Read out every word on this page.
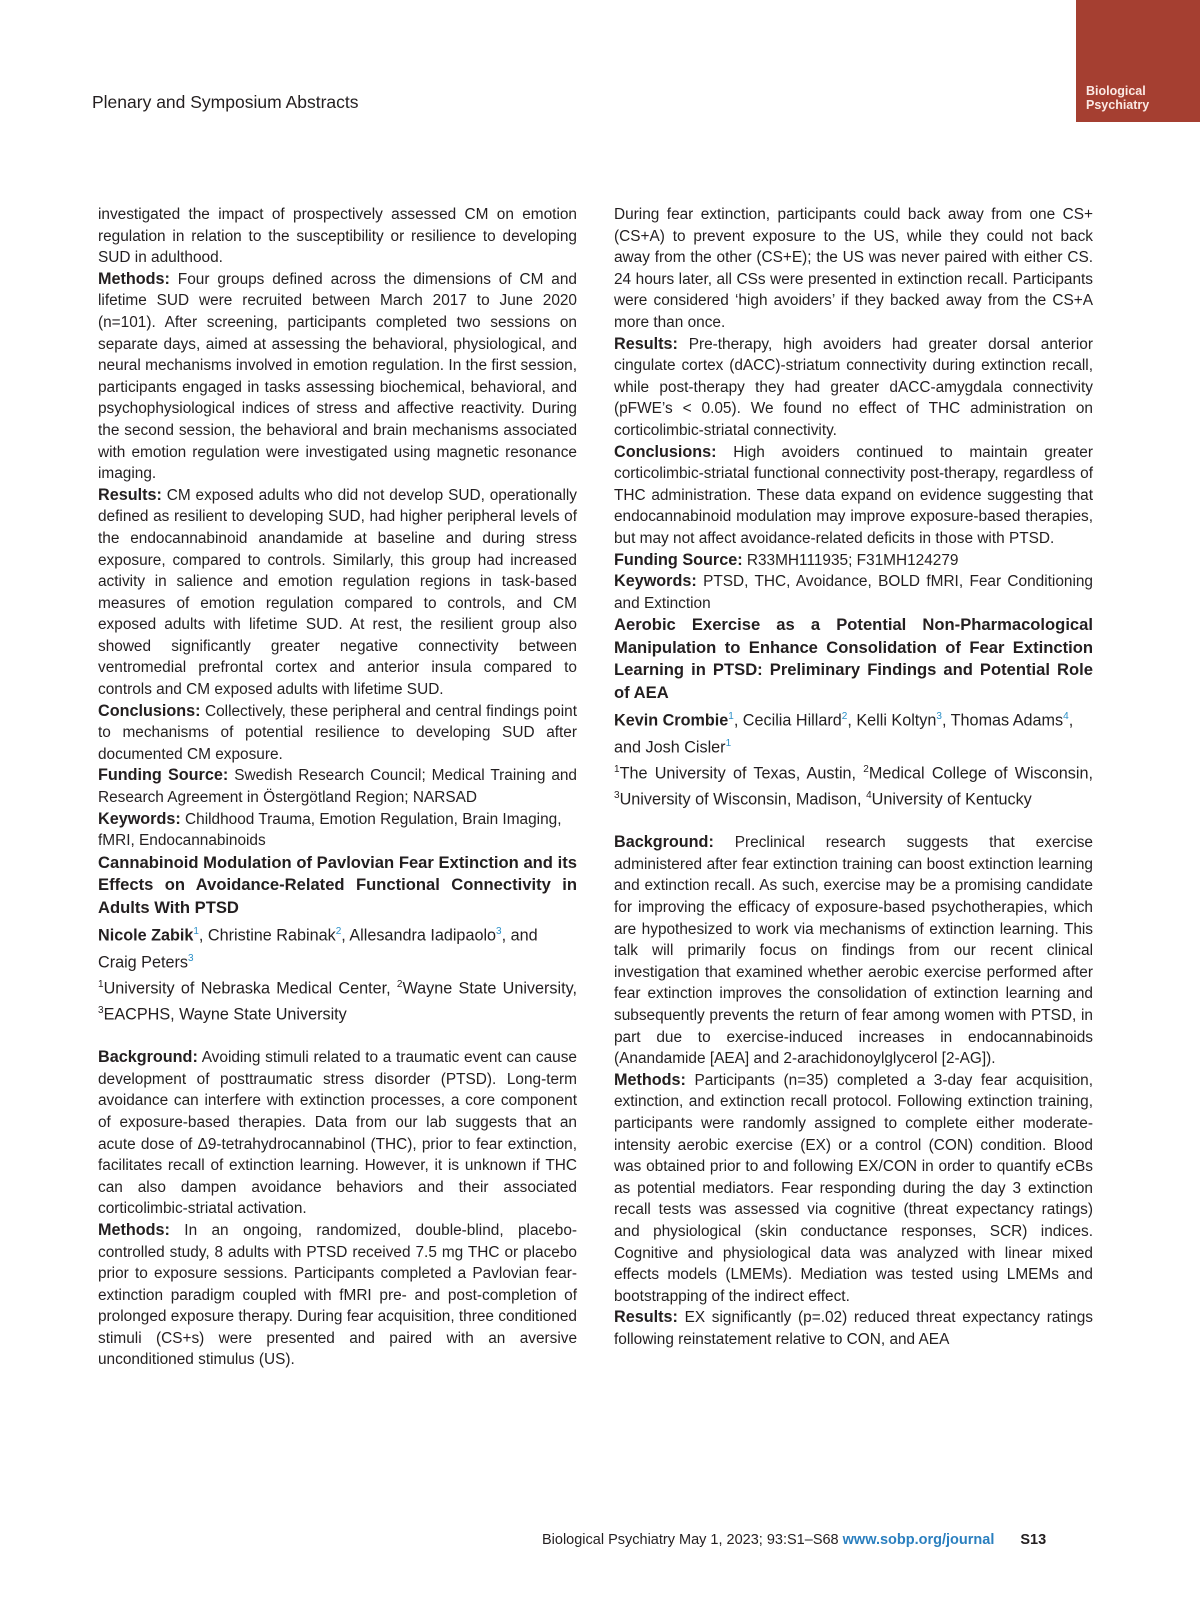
Biological Psychiatry
Plenary and Symposium Abstracts

investigated the impact of prospectively assessed CM on emotion regulation in relation to the susceptibility or resilience to developing SUD in adulthood.

Methods: Four groups defined across the dimensions of CM and lifetime SUD were recruited between March 2017 to June 2020 (n=101). After screening, participants completed two sessions on separate days, aimed at assessing the behavioral, physiological, and neural mechanisms involved in emotion regulation. In the first session, participants engaged in tasks assessing biochemical, behavioral, and psychophysiological indices of stress and affective reactivity. During the second session, the behavioral and brain mechanisms associated with emotion regulation were investigated using magnetic resonance imaging.

Results: CM exposed adults who did not develop SUD, operationally defined as resilient to developing SUD, had higher peripheral levels of the endocannabinoid anandamide at baseline and during stress exposure, compared to controls. Similarly, this group had increased activity in salience and emotion regulation regions in task-based measures of emotion regulation compared to controls, and CM exposed adults with lifetime SUD. At rest, the resilient group also showed significantly greater negative connectivity between ventromedial prefrontal cortex and anterior insula compared to controls and CM exposed adults with lifetime SUD.

Conclusions: Collectively, these peripheral and central findings point to mechanisms of potential resilience to developing SUD after documented CM exposure.

Funding Source: Swedish Research Council; Medical Training and Research Agreement in Östergötland Region; NARSAD

Keywords: Childhood Trauma, Emotion Regulation, Brain Imaging, fMRI, Endocannabinoids

Cannabinoid Modulation of Pavlovian Fear Extinction and its Effects on Avoidance-Related Functional Connectivity in Adults With PTSD

Nicole Zabik$^1$, Christine Rabinak$^2$, Allesandra Iadipaolo$^3$, and Craig Peters$^3$

$^1$University of Nebraska Medical Center, $^2$Wayne State University, $^3$EACPHS, Wayne State University

Background: Avoiding stimuli related to a traumatic event can cause development of posttraumatic stress disorder (PTSD). Long-term avoidance can interfere with extinction processes, a core component of exposure-based therapies. Data from our lab suggests that an acute dose of Δ9-tetrahydrocannabinol (THC), prior to fear extinction, facilitates recall of extinction learning. However, it is unknown if THC can also dampen avoidance behaviors and their associated corticolimbic-striatal activation.

Methods: In an ongoing, randomized, double-blind, placebo-controlled study, 8 adults with PTSD received 7.5 mg THC or placebo prior to exposure sessions. Participants completed a Pavlovian fear-extinction paradigm coupled with fMRI pre- and post-completion of prolonged exposure therapy. During fear acquisition, three conditioned stimuli (CS+s) were presented and paired with an aversive unconditioned stimulus (US).

During fear extinction, participants could back away from one CS+ (CS+A) to prevent exposure to the US, while they could not back away from the other (CS+E); the US was never paired with either CS. 24 hours later, all CSs were presented in extinction recall. Participants were considered ‘high avoiders’ if they backed away from the CS+A more than once.

Results: Pre-therapy, high avoiders had greater dorsal anterior cingulate cortex (dACC)-striatum connectivity during extinction recall, while post-therapy they had greater dACC-amygdala connectivity (pFWE’s < 0.05). We found no effect of THC administration on corticolimbic-striatal connectivity.

Conclusions: High avoiders continued to maintain greater corticolimbic-striatal functional connectivity post-therapy, regardless of THC administration. These data expand on evidence suggesting that endocannabinoid modulation may improve exposure-based therapies, but may not affect avoidance-related deficits in those with PTSD.

Funding Source: R33MH111935; F31MH124279

Keywords: PTSD, THC, Avoidance, BOLD fMRI, Fear Conditioning and Extinction

Aerobic Exercise as a Potential Non-Pharmacological Manipulation to Enhance Consolidation of Fear Extinction Learning in PTSD: Preliminary Findings and Potential Role of AEA

Kevin Crombie$^1$, Cecilia Hillard$^2$, Kelli Koltyn$^3$, Thomas Adams$^4$, and Josh Cisler$^1$

$^1$The University of Texas, Austin, $^2$Medical College of Wisconsin, $^3$University of Wisconsin, Madison, $^4$University of Kentucky

Background: Preclinical research suggests that exercise administered after fear extinction training can boost extinction learning and extinction recall. As such, exercise may be a promising candidate for improving the efficacy of exposure-based psychotherapies, which are hypothesized to work via mechanisms of extinction learning. This talk will primarily focus on findings from our recent clinical investigation that examined whether aerobic exercise performed after fear extinction improves the consolidation of extinction learning and subsequently prevents the return of fear among women with PTSD, in part due to exercise-induced increases in endocannabinoids (Anandamide [AEA] and 2-arachidonoylglycerol [2-AG]).

Methods: Participants (n=35) completed a 3-day fear acquisition, extinction, and extinction recall protocol. Following extinction training, participants were randomly assigned to complete either moderate-intensity aerobic exercise (EX) or a control (CON) condition. Blood was obtained prior to and following EX/CON in order to quantify eCBs as potential mediators. Fear responding during the day 3 extinction recall tests was assessed via cognitive (threat expectancy ratings) and physiological (skin conductance responses, SCR) indices. Cognitive and physiological data was analyzed with linear mixed effects models (LMEMs). Mediation was tested using LMEMs and bootstrapping of the indirect effect.

Results: EX significantly (p=.02) reduced threat expectancy ratings following reinstatement relative to CON, and AEA

Biological Psychiatry May 1, 2023; 93:S1–S68 www.sobp.org/journal S13
